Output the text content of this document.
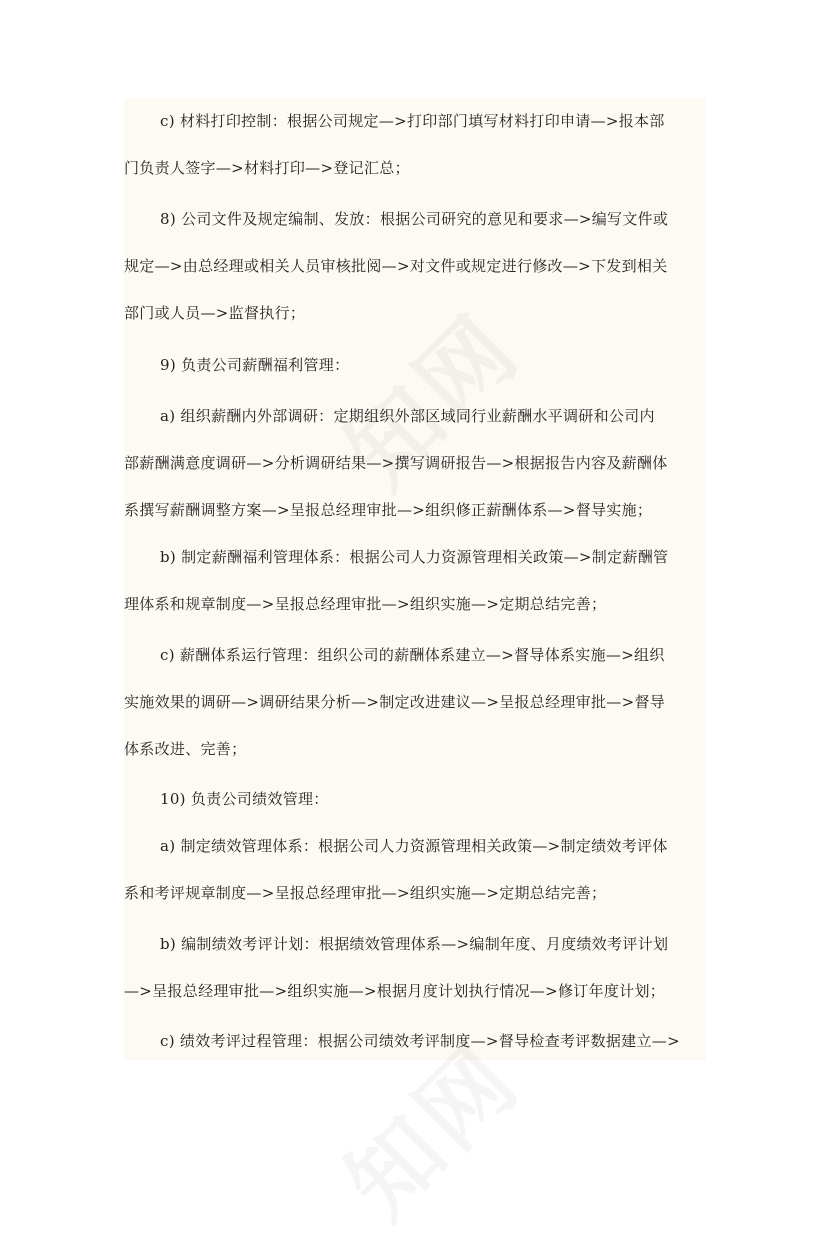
c) 材料打印控制：根据公司规定—>打印部门填写材料打印申请—>报本部
门负责人签字—>材料打印—>登记汇总；
8) 公司文件及规定编制、发放：根据公司研究的意见和要求—>编写文件或
规定—>由总经理或相关人员审核批阅—>对文件或规定进行修改—>下发到相关
部门或人员—>监督执行；
9) 负责公司薪酬福利管理：
a) 组织薪酬内外部调研：定期组织外部区域同行业薪酬水平调研和公司内
部薪酬满意度调研—>分析调研结果—>撰写调研报告—>根据报告内容及薪酬体
系撰写薪酬调整方案—>呈报总经理审批—>组织修正薪酬体系—>督导实施；
b) 制定薪酬福利管理体系：根据公司人力资源管理相关政策—>制定薪酬管
理体系和规章制度—>呈报总经理审批—>组织实施—>定期总结完善；
c) 薪酬体系运行管理：组织公司的薪酬体系建立—>督导体系实施—>组织
实施效果的调研—>调研结果分析—>制定改进建议—>呈报总经理审批—>督导
体系改进、完善；
10) 负责公司绩效管理：
a) 制定绩效管理体系：根据公司人力资源管理相关政策—>制定绩效考评体
系和考评规章制度—>呈报总经理审批—>组织实施—>定期总结完善；
b) 编制绩效考评计划：根据绩效管理体系—>编制年度、月度绩效考评计划
—>呈报总经理审批—>组织实施—>根据月度计划执行情况—>修订年度计划；
c) 绩效考评过程管理：根据公司绩效考评制度—>督导检查考评数据建立—>
